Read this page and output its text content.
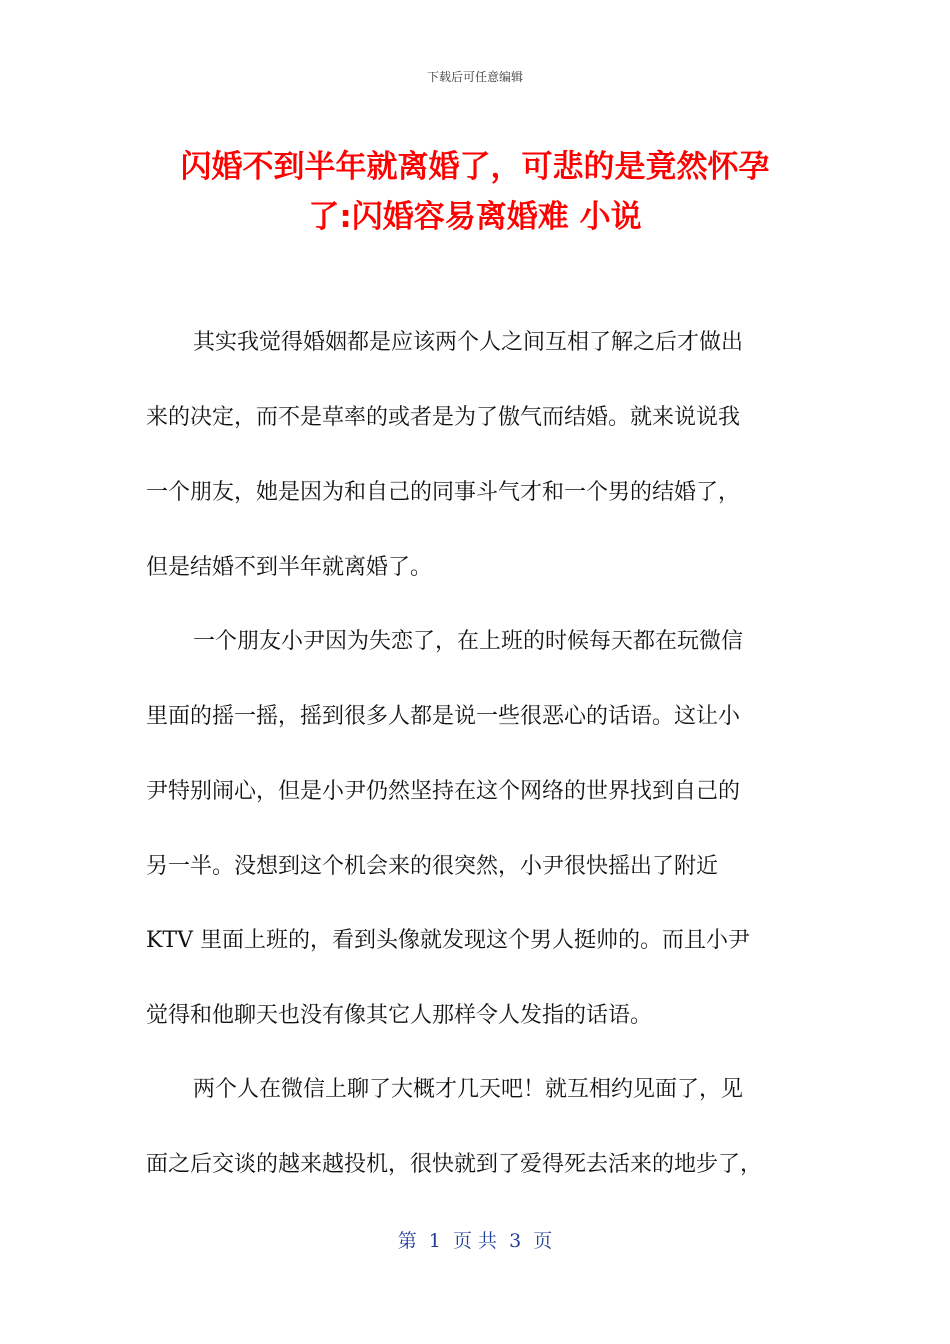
下载后可任意编辑
闪婚不到半年就离婚了，可悲的是竟然怀孕
了:闪婚容易离婚难 小说
其实我觉得婚姻都是应该两个人之间互相了解之后才做出
来的决定，而不是草率的或者是为了傲气而结婚。就来说说我
一个朋友，她是因为和自己的同事斗气才和一个男的结婚了，
但是结婚不到半年就离婚了。
一个朋友小尹因为失恋了，在上班的时候每天都在玩微信
里面的摇一摇，摇到很多人都是说一些很恶心的话语。这让小
尹特别闹心，但是小尹仍然坚持在这个网络的世界找到自己的
另一半。没想到这个机会来的很突然，小尹很快摇出了附近
KTV 里面上班的，看到头像就发现这个男人挺帅的。而且小尹
觉得和他聊天也没有像其它人那样令人发指的话语。
两个人在微信上聊了大概才几天吧！就互相约见面了，见
面之后交谈的越来越投机，很快就到了爱得死去活来的地步了，
第  1  页 共  3  页
